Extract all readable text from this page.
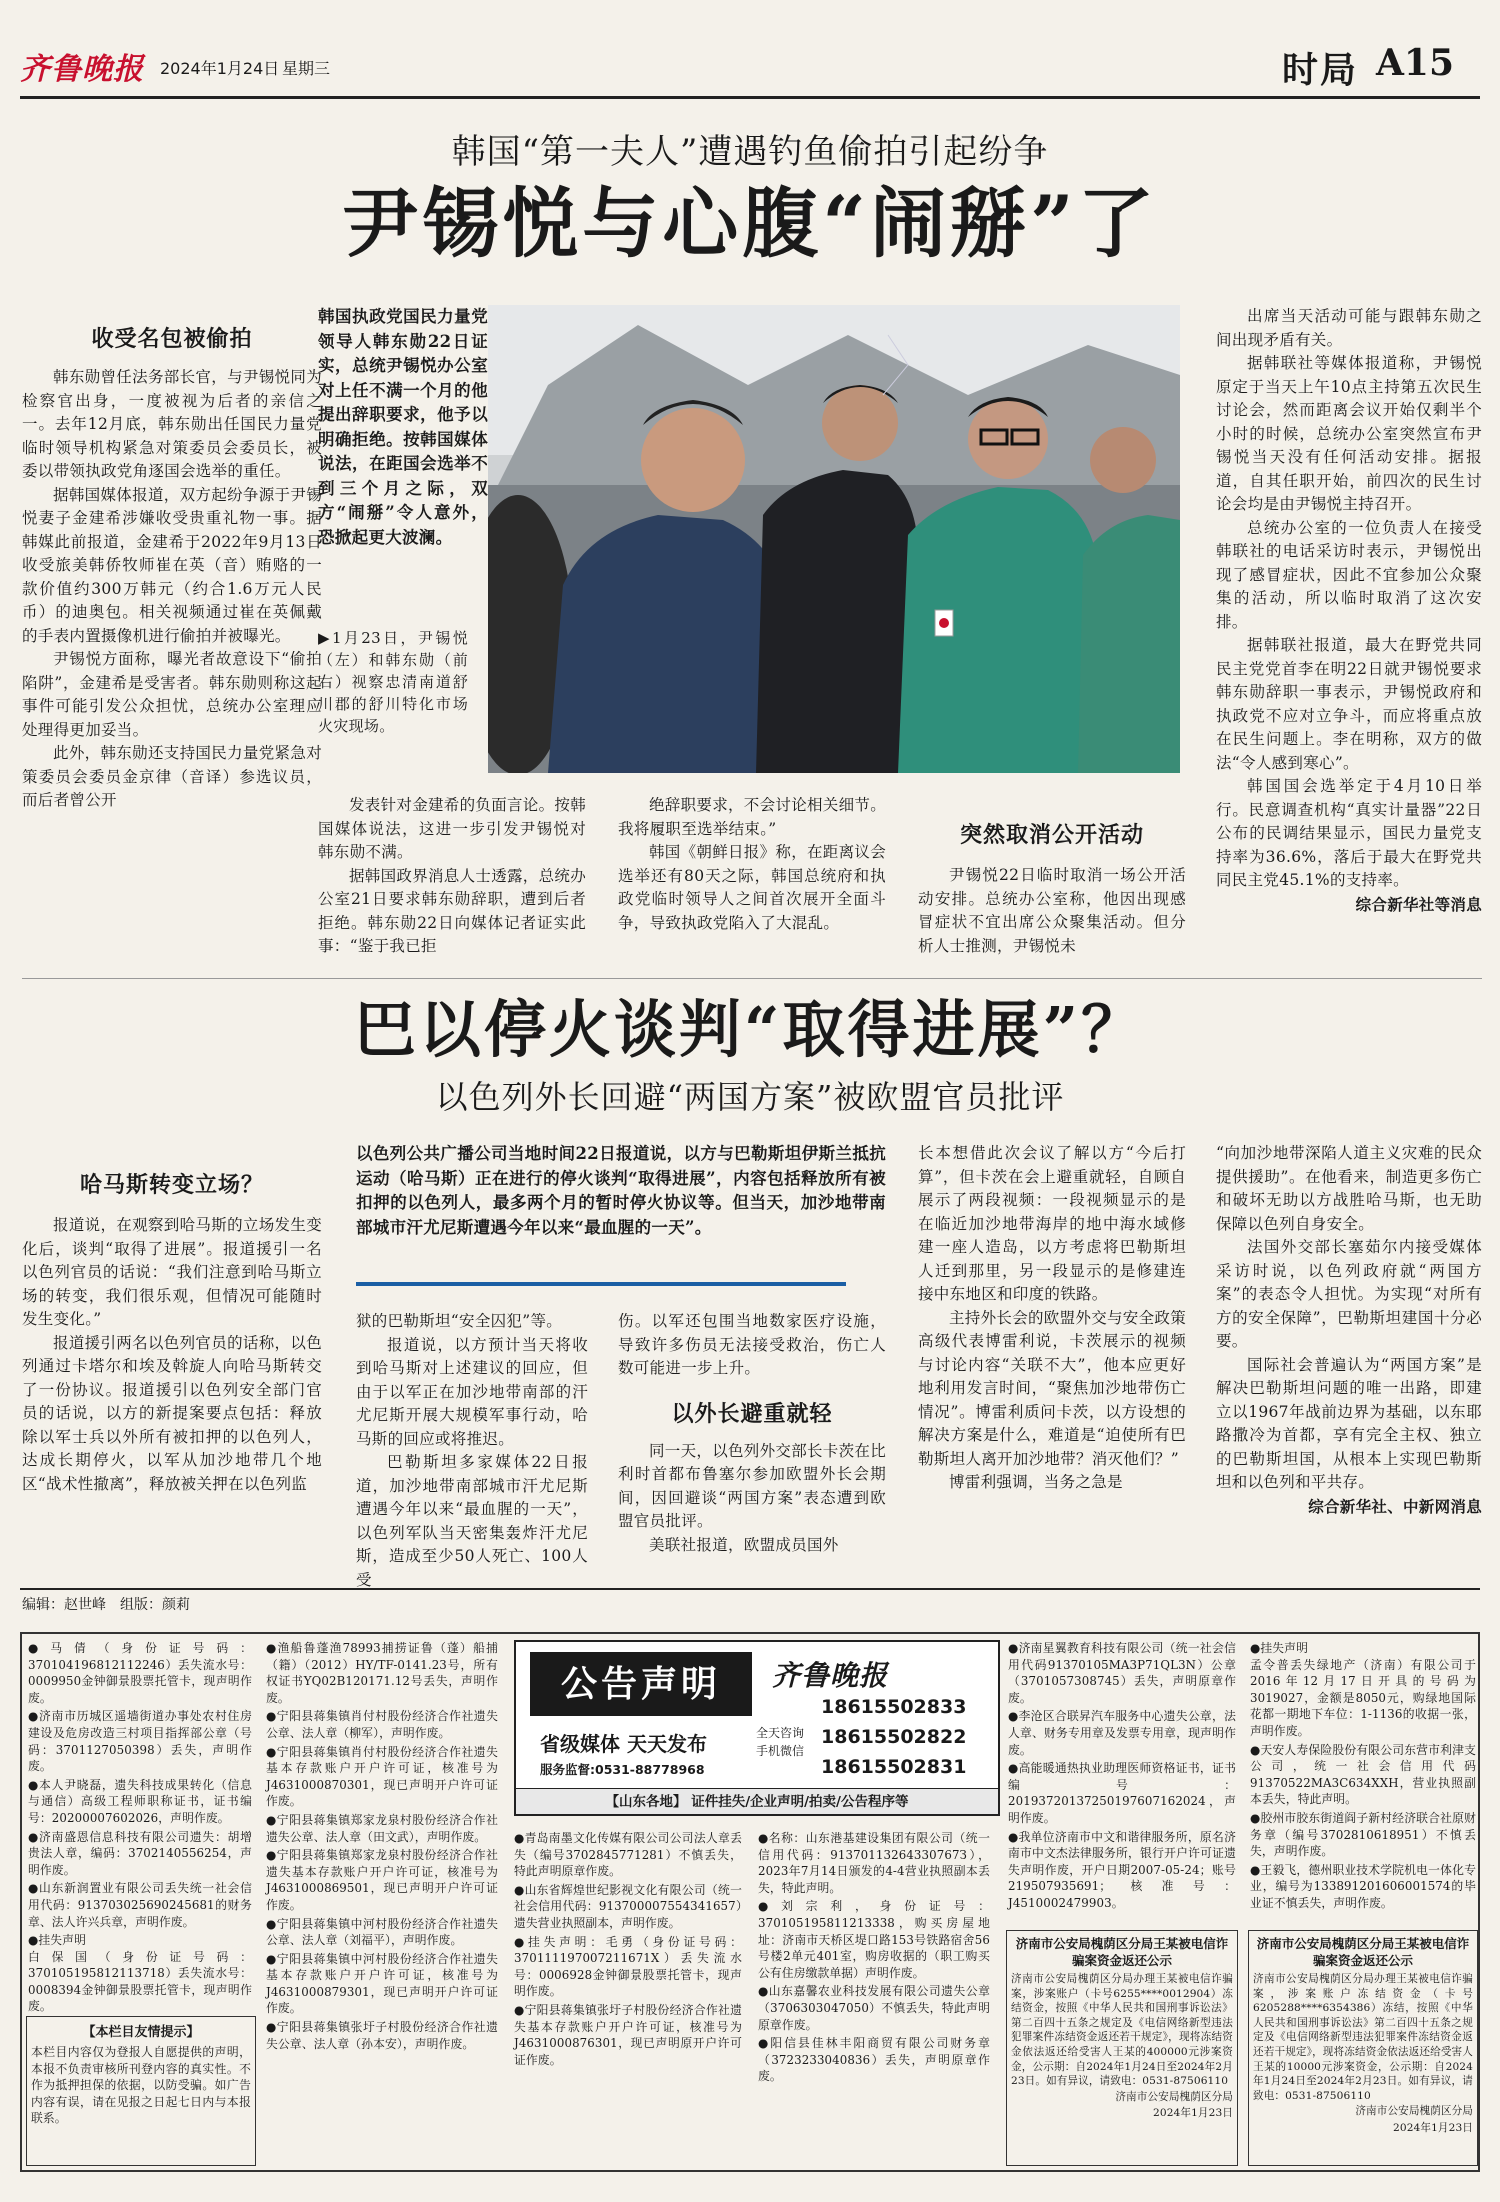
齐鲁晚报 2024年1月24日 星期三	时局 A15
韩国“第一夫人”遭遇钓鱼偷拍引起纷争
尹锡悦与心腹“闹掰”了
收受名包被偷拍

韩东勋曾任法务部长官，与尹锡悦同为检察官出身，一度被视为后者的亲信之一。去年12月底，韩东勋出任国民力量党临时领导机构紧急对策委员会委员长，被委以带领执政党角逐国会选举的重任。

据韩国媒体报道，双方起纷争源于尹锡悦妻子金建希涉嫌收受贵重礼物一事。据韩媒此前报道，金建希于2022年9月13日收受旅美韩侨牧师崔在英（音）贿赂的一款价值约300万韩元（约合1.6万元人民币）的迪奥包。相关视频通过崔在英佩戴的手表内置摄像机进行偷拍并被曝光。

尹锡悦方面称，曝光者故意设下“偷拍陷阱”，金建希是受害者。韩东勋则称这起事件可能引发公众担忧，总统办公室理应处理得更加妥当。

此外，韩东勋还支持国民力量党紧急对策委员会委员金京律（音译）参选议员，而后者曾公开

韩国执政党国民力量党领导人韩东勋22日证实，总统尹锡悦办公室对上任不满一个月的他提出辞职要求，他予以明确拒绝。按韩国媒体说法，在距国会选举不到三个月之际，双方“闹掰”令人意外，恐掀起更大波澜。
▶1月23日，尹锡悦（左）和韩东勋（前右）视察忠清南道舒川郡的舒川特化市场火灾现场。

发表针对金建希的负面言论。按韩国媒体说法，这进一步引发尹锡悦对韩东勋不满。

据韩国政界消息人士透露，总统办公室21日要求韩东勋辞职，遭到后者拒绝。韩东勋22日向媒体记者证实此事：“鉴于我已拒

绝辞职要求，不会讨论相关细节。我将履职至选举结束。”

韩国《朝鲜日报》称，在距离议会选举还有80天之际，韩国总统府和执政党临时领导人之间首次展开全面斗争，导致执政党陷入了大混乱。

突然取消公开活动

尹锡悦22日临时取消一场公开活动安排。总统办公室称，他因出现感冒症状不宜出席公众聚集活动。但分析人士推测，尹锡悦未

出席当天活动可能与跟韩东勋之间出现矛盾有关。

据韩联社等媒体报道称，尹锡悦原定于当天上午10点主持第五次民生讨论会，然而距离会议开始仅剩半个小时的时候，总统办公室突然宣布尹锡悦当天没有任何活动安排。据报道，自其任职开始，前四次的民生讨论会均是由尹锡悦主持召开。

总统办公室的一位负责人在接受韩联社的电话采访时表示，尹锡悦出现了感冒症状，因此不宜参加公众聚集的活动，所以临时取消了这次安排。

据韩联社报道，最大在野党共同民主党党首李在明22日就尹锡悦要求韩东勋辞职一事表示，尹锡悦政府和执政党不应对立争斗，而应将重点放在民生问题上。李在明称，双方的做法“令人感到寒心”。

韩国国会选举定于4月10日举行。民意调查机构“真实计量器”22日公布的民调结果显示，国民力量党支持率为36.6%，落后于最大在野党共同民主党45.1%的支持率。

综合新华社等消息

巴以停火谈判“取得进展”？
以色列外长回避“两国方案”被欧盟官员批评
哈马斯转变立场？

报道说，在观察到哈马斯的立场发生变化后，谈判“取得了进展”。报道援引一名以色列官员的话说：“我们注意到哈马斯立场的转变，我们很乐观，但情况可能随时发生变化。”

报道援引两名以色列官员的话称，以色列通过卡塔尔和埃及斡旋人向哈马斯转交了一份协议。报道援引以色列安全部门官员的话说，以方的新提案要点包括：释放除以军士兵以外所有被扣押的以色列人，达成长期停火，以军从加沙地带几个地区“战术性撤离”，释放被关押在以色列监

以色列公共广播公司当地时间22日报道说，以方与巴勒斯坦伊斯兰抵抗运动（哈马斯）正在进行的停火谈判“取得进展”，内容包括释放所有被扣押的以色列人，最多两个月的暂时停火协议等。但当天，加沙地带南部城市汗尤尼斯遭遇今年以来“最血腥的一天”。

狱的巴勒斯坦“安全囚犯”等。

报道说，以方预计当天将收到哈马斯对上述建议的回应，但由于以军正在加沙地带南部的汗尤尼斯开展大规模军事行动，哈马斯的回应或将推迟。

巴勒斯坦多家媒体22日报道，加沙地带南部城市汗尤尼斯遭遇今年以来“最血腥的一天”，以色列军队当天密集轰炸汗尤尼斯，造成至少50人死亡、100人受

伤。以军还包围当地数家医疗设施，导致许多伤员无法接受救治，伤亡人数可能进一步上升。

以外长避重就轻

同一天，以色列外交部长卡茨在比利时首都布鲁塞尔参加欧盟外长会期间，因回避谈“两国方案”表态遭到欧盟官员批评。

美联社报道，欧盟成员国外

长本想借此次会议了解以方“今后打算”，但卡茨在会上避重就轻，自顾自展示了两段视频：一段视频显示的是在临近加沙地带海岸的地中海水域修建一座人造岛，以方考虑将巴勒斯坦人迁到那里，另一段显示的是修建连接中东地区和印度的铁路。

主持外长会的欧盟外交与安全政策高级代表博雷利说，卡茨展示的视频与讨论内容“关联不大”，他本应更好地利用发言时间，“聚焦加沙地带伤亡情况”。博雷利质问卡茨，以方设想的解决方案是什么，难道是“迫使所有巴勒斯坦人离开加沙地带？消灭他们？”

博雷利强调，当务之急是

“向加沙地带深陷人道主义灾难的民众提供援助”。在他看来，制造更多伤亡和破坏无助以方战胜哈马斯，也无助保障以色列自身安全。

法国外交部长塞茹尔内接受媒体采访时说，以色列政府就“两国方案”的表态令人担忧。为实现“对所有方的安全保障”，巴勒斯坦建国十分必要。

国际社会普遍认为“两国方案”是解决巴勒斯坦问题的唯一出路，即建立以1967年战前边界为基础，以东耶路撒冷为首都，享有完全主权、独立的巴勒斯坦国，从根本上实现巴勒斯坦和以色列和平共存。

综合新华社、中新网消息

编辑：赵世峰　组版：颜莉
●马倩（身份证号码：370104196812112246）丢失流水号：0009950金钟御景股票托管卡，现声明作废。
●济南市历城区遥墙街道办事处农村住房建设及危房改造三村项目指挥部公章（号码：3701127050398）丢失，声明作废。
●本人尹晓磊，遗失科技成果转化（信息与通信）高级工程师职称证书，证书编号：20200007602026，声明作废。
●济南盛恩信息科技有限公司遗失：胡增贵法人章，编码：3702140556254，声明作废。
●山东新润置业有限公司丢失统一社会信用代码：913703025690245681的财务章、法人许兴兵章，声明作废。
●挂失声明
白保国（身份证号码：370105195812113718）丢失流水号：0008394金钟御景股票托管卡，现声明作废。
【本栏目友情提示】
本栏目内容仅为登报人自愿提供的声明，本报不负责审核所刊登内容的真实性。不作为抵押担保的依据，以防受骗。如广告内容有误，请在见报之日起七日内与本报联系。
●渔船鲁蓬渔78993捕捞证鲁（蓬）船捕（籍）（2012）HY/TF-0141.23号，所有权证书YQ02B120171.12号丢失，声明作废。
●宁阳县蒋集镇肖付村股份经济合作社遗失公章、法人章（柳军），声明作废。
●宁阳县蒋集镇肖付村股份经济合作社遗失基本存款账户开户许可证，核准号为J4631000870301，现已声明开户许可证作废。
●宁阳县蒋集镇郑家龙泉村股份经济合作社遗失公章、法人章（田文武），声明作废。
●宁阳县蒋集镇郑家龙泉村股份经济合作社遗失基本存款账户开户许可证，核准号为J4631000869501，现已声明开户许可证作废。
●宁阳县蒋集镇中河村股份经济合作社遗失公章、法人章（刘福平），声明作废。
●宁阳县蒋集镇中河村股份经济合作社遗失基本存款账户开户许可证，核准号为J4631000879301，现已声明开户许可证作废。
●宁阳县蒋集镇张圩子村股份经济合作社遗失公章、法人章（孙本安），声明作废。
公告声明	齐鲁晚报
省级媒体 天天发布
服务监督:0531-88778968
全天咨询手机微信
18615502833
18615502822
18615502831
【山东各地】 证件挂失/企业声明/拍卖/公告程序等
●青岛南墨文化传媒有限公司公司法人章丢失（编号3702845771281）不慎丢失，特此声明原章作废。
●山东省辉煌世纪影视文化有限公司（统一社会信用代码：913700007554341657）遗失营业执照副本，声明作废。
●挂失声明：毛勇（身份证号码：370111197007211671X）丢失流水号：0006928金钟御景股票托管卡，现声明作废。
●宁阳县蒋集镇张圩子村股份经济合作社遗失基本存款账户开户许可证，核准号为J4631000876301，现已声明原开户许可证作废。
●名称：山东港基建设集团有限公司（统一信用代码：91370113264330767З），2023年7月14日颁发的4-4营业执照副本丢失，特此声明。
●刘宗利，身份证号：370105195811213338，购买房屋地址：济南市天桥区堤口路153号铁路宿舍56号楼2单元401室，购房收据的（职工购买公有住房缴款单据）声明作废。
●山东嘉馨农业科技发展有限公司遗失公章（3706303047050）不慎丢失，特此声明原章作废。
●阳信县佳林丰阳商贸有限公司财务章（3723233040836）丢失，声明原章作废。
●济南星翼教育科技有限公司（统一社会信用代码91370105MA3P71QL3N）公章（3701057308745）丢失，声明原章作废。
●李沧区合联昇汽车服务中心遗失公章，法人章、财务专用章及发票专用章，现声明作废。
●高能暖通热执业助理医师资格证书，证书编号：20193720137250197607162024，声明作废。
●我单位济南市中文和谐律服务所，原名济南市中文杰法律服务所，银行开户许可证遗失声明作废，开户日期2007-05-24；账号219507935691；核准号：J4510002479903。
济南市公安局槐荫区分局王某被电信诈骗案资金返还公示
济南市公安局槐荫区分局办理王某被电信诈骗案，涉案账户（卡号6255****0012904）冻结资金，按照《中华人民共和国刑事诉讼法》第二百四十五条之规定及《电信网络新型违法犯罪案件冻结资金返还若干规定》，现将冻结资金依法返还给受害人王某的400000元涉案资金，公示期：自2024年1月24日至2024年2月23日。如有异议，请致电：0531-87506110
济南市公安局槐荫区分局
2024年1月23日
●挂失声明
孟令普丢失绿地产（济南）有限公司于2016年12月17日开具的号码为3019027，金额是8050元，购绿地国际花都一期地下车位：1-1136的收据一张，声明作废。
●天安人寿保险股份有限公司东营市利津支公司，统一社会信用代码91370522MA3C634XXH，营业执照副本丢失，特此声明。
●胶州市胶东街道阎子新村经济联合社原财务章（编号3702810618951）不慎丢失，声明作废。
●王毅飞，德州职业技术学院机电一体化专业，编号为133891201606001574的毕业证不慎丢失，声明作废。
济南市公安局槐荫区分局王某被电信诈骗案资金返还公示
济南市公安局槐荫区分局办理王某被电信诈骗案，涉案账户冻结资金（卡号6205288****6354386）冻结，按照《中华人民共和国刑事诉讼法》第二百四十五条之规定及《电信网络新型违法犯罪案件冻结资金返还若干规定》，现将冻结资金依法返还给受害人王某的10000元涉案资金，公示期：自2024年1月24日至2024年2月23日。如有异议，请致电：0531-87506110
济南市公安局槐荫区分局
2024年1月23日
